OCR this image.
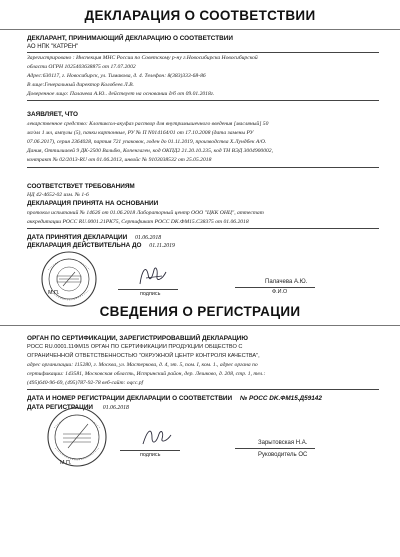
ДЕКЛАРАЦИЯ О СООТВЕТСТВИИ
ДЕКЛАРАНТ, ПРИНИМАЮЩИЙ ДЕКЛАРАЦИЮ О СООТВЕТСТВИИ
АО НПК "КАТРЕН"
Зарегистрировано : Инспекция МНС России по Советскому р-ну г.Новосибирска Новосибирской
области ОГРН 1025403638875 от 17.07.2002
Адрес:630117, г. Новосибирск, ул. Тимакова, д. 4. Телефон: 8(383)333-68-86
В лице:Генеральный директор Колобеев Л.В.
Доверенное лицо: Палачева А.Ю.. действует на основании д/б от 09.01.2018г.
ЗАЯВЛЯЕТ, ЧТО
лекарственное средство: Клотиксол-акуфаз раствор для внутримышечного введения [масляный] 50
мг/мл 1 мл, ампулы (5), пачки картонные, РУ № П N014164/01 от 17.10.2008 (дата замены РУ
07.06.2017), серия 2364028, партия 721 упаковок, годен до 01.11.2019, производства Х.Лундбек А/О.
Дания, Оттилиавей 9 ДК-2500 Вальбю, Копенгаген, код ОКПД2 21.20.10.235, код ТН ВЭД 3004900002,
контракт № 02/2013-RU от 01.06.2013, инвойс № 9103038532 от 25.05.2018
СООТВЕТСТВУЕТ ТРЕБОВАНИЯМ
НД 42-4652-02 изм. № 1-6
ДЕКЛАРАЦИЯ ПРИНЯТА НА ОСНОВАНИИ
протокол испытаний № 14626 от 01.06.2018 Лабораторный центр ООО "ЦКК ОНЦ", аттестат
аккредитации РОСС RU.0001.21PK75, Сертификат РОСС DK.ФМ15.С38375 от 01.06.2018
ДАТА ПРИНЯТИЯ ДЕКЛАРАЦИИ 01.06.2018
ДЕКЛАРАЦИЯ ДЕЙСТВИТЕЛЬНА ДО 01.11.2019
подпись
М.П.
Палачева А.Ю.
Ф.И.О
СВЕДЕНИЯ О РЕГИСТРАЦИИ
ОРГАН ПО СЕРТИФИКАЦИИ, ЗАРЕГИСТРИРОВАВШИЙ ДЕКЛАРАЦИЮ
РОСС RU.0001.11ФМ15 ОРГАН ПО СЕРТИФИКАЦИИ ПРОДУКЦИИ ОБЩЕСТВО С
ОГРАНИЧЕННОЙ ОТВЕТСТВЕННОСТЬЮ "ОКРУЖНОЙ ЦЕНТР КОНТРОЛЯ КАЧЕСТВА",
адрес организации: 115280, г. Москва, ул. Мастеркова, д. 4, эт. 5, пом. I, ком. 1., адрес органа по
сертификации: 143581, Московская область, Истринский район, дер. Лешково, д. 208, стр. 1, тел.:
(495)640-96-69, (495)787-92-78 веб-сайт: oqcc.pf
ДАТА И НОМЕР РЕГИСТРАЦИИ ДЕКЛАРАЦИИ О СООТВЕТСТВИИ № РОСС DK.ФМ15.Д59142
ДАТА РЕГИСТРАЦИИ 01.06.2018
подпись
М.П.
Зарытовская Н.А.
Руководитель ОС
